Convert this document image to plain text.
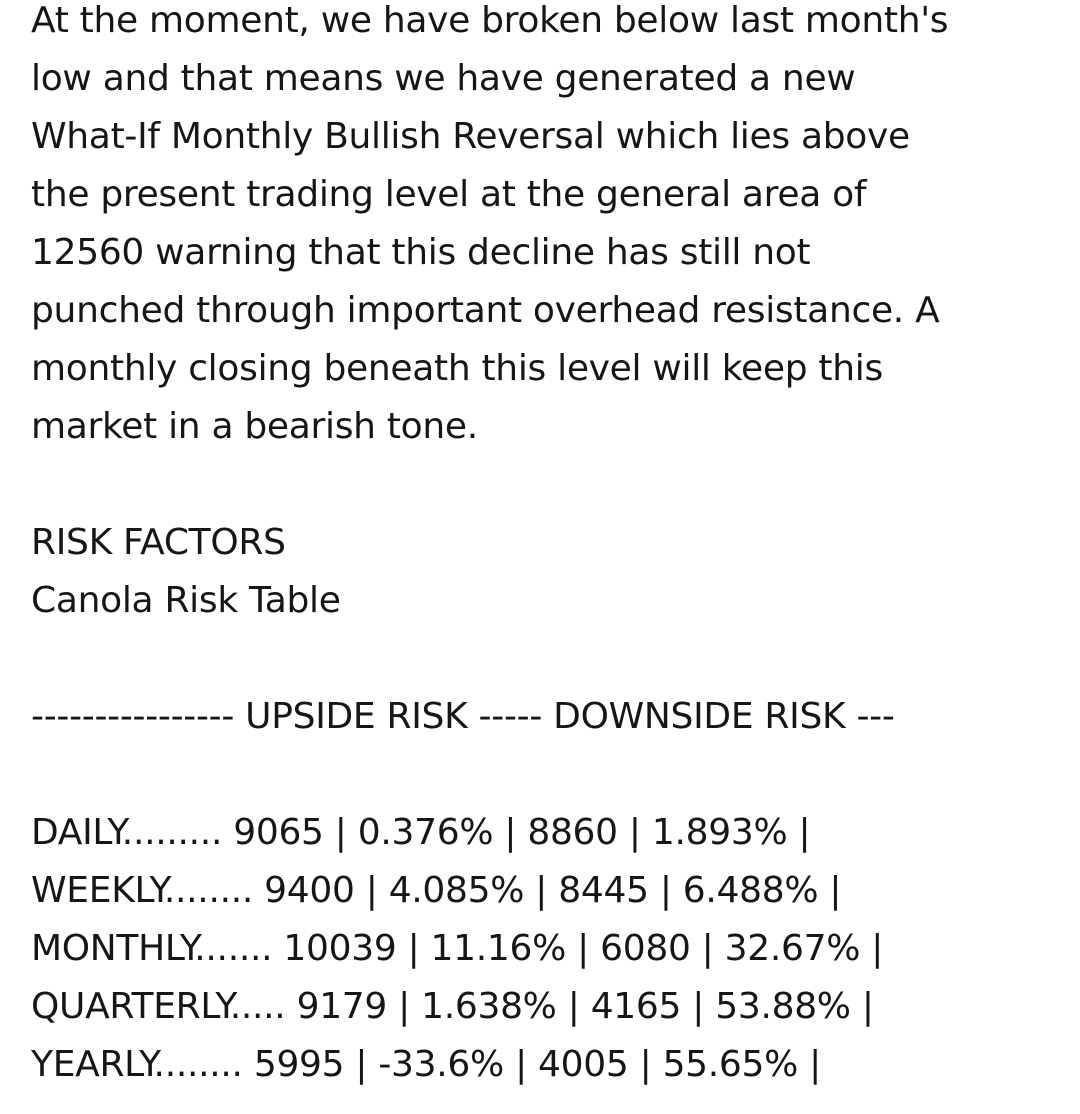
At the moment, we have broken below last month's
low and that means we have generated a new
What-If Monthly Bullish Reversal which lies above
the present trading level at the general area of
12560 warning that this decline has still not
punched through important overhead resistance. A
monthly closing beneath this level will keep this
market in a bearish tone.
RISK FACTORS
Canola Risk Table
---------------- UPSIDE RISK ----- DOWNSIDE RISK ---
DAILY......... 9065 | 0.376% | 8860 | 1.893% |
WEEKLY........ 9400 | 4.085% | 8445 | 6.488% |
MONTHLY....... 10039 | 11.16% | 6080 | 32.67% |
QUARTERLY..... 9179 | 1.638% | 4165 | 53.88% |
YEARLY........ 5995 | -33.6% | 4005 | 55.65% |
